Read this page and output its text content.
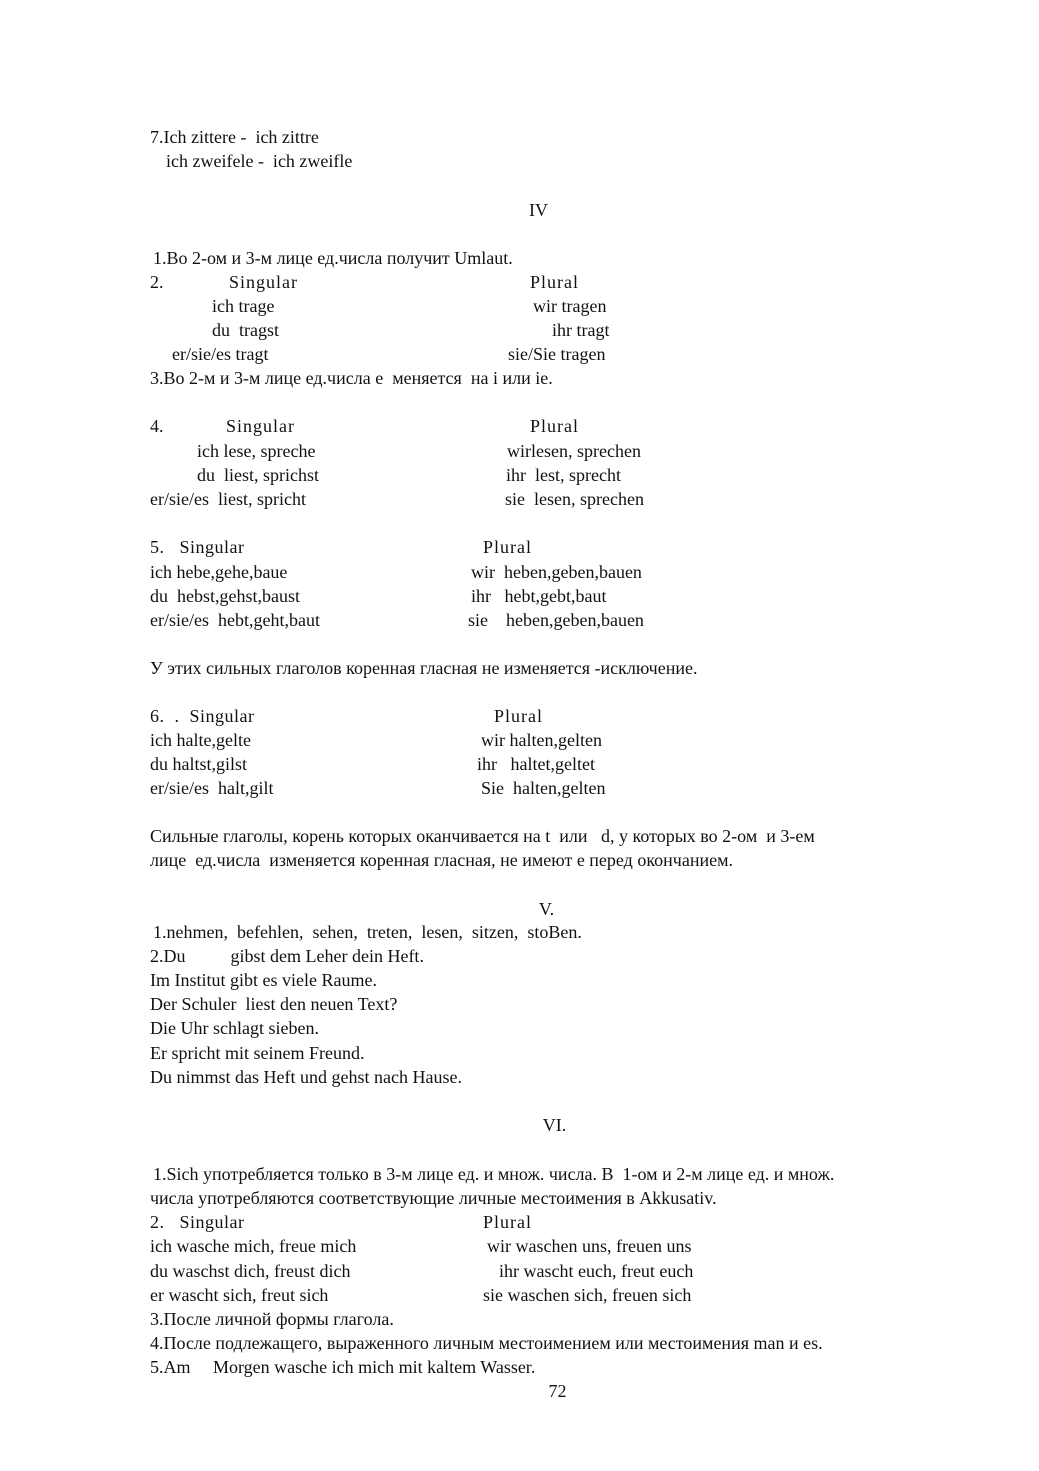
7.Ich zittere -  ich zittre
ich zweifele -  ich zweifle
IV
1.Во 2-ом и 3-м лице ед.числа получит Umlaut.
2.	Singular	Plural
ich trage	wir tragen
du  tragst	ihr tragt
er/sie/es tragt	sie/Sie tragen
3.Во 2-м и 3-м лице ед.числа е  меняется  на i или ie.
4.	Singular	Plural
ich lese, spreche	wirlesen, sprechen
du  liest, sprichst	ihr  lest, sprecht
er/sie/es  liest, spricht	sie  lesen, sprechen
5.   Singular	Plural
ich hebe,gehe,baue	wir  heben,geben,bauen
du  hebst,gehst,baust	ihr   hebt,gebt,baut
er/sie/es  hebt,geht,baut	sie    heben,geben,bauen
У этих сильных глаголов коренная гласная не изменяется -исключение.
6.  .  Singular	Plural
ich halte,gelte	wir halten,gelten
du haltst,gilst	ihr   haltet,geltet
er/sie/es  halt,gilt	Sie  halten,gelten
Сильные глаголы, корень которых оканчивается на t  или   d, у которых во 2-ом  и 3-ем
лице  ед.числа  изменяется коренная гласная, не имеют е перед окончанием.
V.
1.nehmen,  befehlen,  sehen,  treten,  lesen,  sitzen,  stoBen.
2.Du          gibst dem Leher dein Heft.
Im Institut gibt es viele Raume.
Der Schuler  liest den neuen Text?
Die Uhr schlagt sieben.
Er spricht mit seinem Freund.
Du nimmst das Heft und gehst nach Hause.
VI.
1.Sich употребляется только в 3-м лице ед. и множ. числа. В  1-ом и 2-м лице ед. и множ.
числа употребляются соответствующие личные местоимения в Akkusativ.
2.   Singular	Plural
ich wasche mich, freue mich	wir waschen uns, freuen uns
du waschst dich, freust dich	ihr wascht euch, freut euch
er wascht sich, freut sich	sie waschen sich, freuen sich
3.После личной формы глагола.
4.После подлежащего, выраженного личным местоимением или местоимения man и es.
5.Am     Morgen wasche ich mich mit kaltem Wasser.
72
